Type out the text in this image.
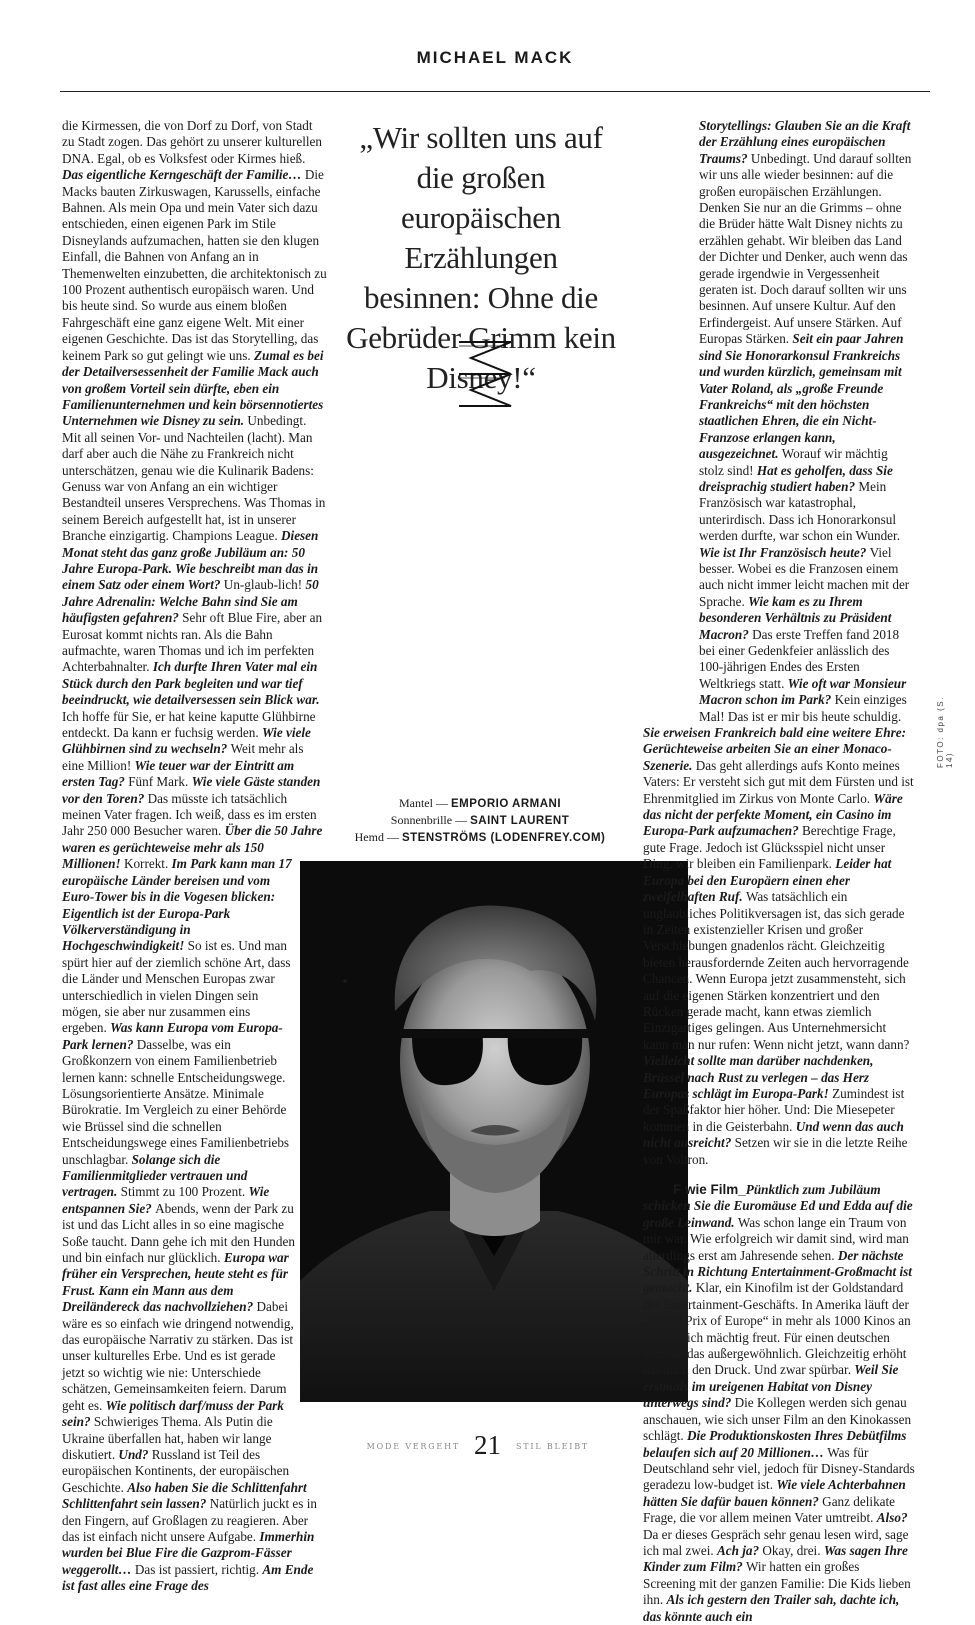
MICHAEL MACK

die Kirmessen, die von Dorf zu Dorf, von Stadt zu Stadt zogen. Das gehört zu unserer kulturellen DNA. Egal, ob es Volksfest oder Kirmes hieß. Das eigentliche Kerngeschäft der Familie… Die Macks bauten Zirkuswagen, Karussells, einfache Bahnen. Als mein Opa und mein Vater sich dazu entschieden, einen eigenen Park im Stile Disneylands aufzumachen, hatten sie den klugen Einfall, die Bahnen von Anfang an in Themenwelten einzubetten, die architektonisch zu 100 Prozent authentisch europäisch waren. Und bis heute sind. So wurde aus einem bloßen Fahrgeschäft eine ganz eigene Welt. Mit einer eigenen Geschichte. Das ist das Storytelling, das keinem Park so gut gelingt wie uns. Zumal es bei der Detailversessenheit der Familie Mack auch von großem Vorteil sein dürfte, eben ein Familienunternehmen und kein börsennotiertes Unternehmen wie Disney zu sein. Unbedingt. Mit all seinen Vor- und Nachteilen (lacht). Man darf aber auch die Nähe zu Frankreich nicht unterschätzen, genau wie die Kulinarik Badens: Genuss war von Anfang an ein wichtiger Bestandteil unseres Versprechens. Was Thomas in seinem Bereich aufgestellt hat, ist in unserer Branche einzigartig. Champions League. Diesen Monat steht das ganz große Jubiläum an: 50 Jahre Europa-Park. Wie beschreibt man das in einem Satz oder einem Wort? Un-glaub-lich! 50 Jahre Adrenalin: Welche Bahn sind Sie am häufigsten gefahren? Sehr oft Blue Fire, aber an Eurosat kommt nichts ran. Als die Bahn aufmachte, waren Thomas und ich im perfekten Achterbahnalter. Ich durfte Ihren Vater mal ein Stück durch den Park begleiten und war tief beeindruckt, wie detailversessen sein Blick war. Ich hoffe für Sie, er hat keine kaputte Glühbirne entdeckt. Da kann er fuchsig werden. Wie viele Glühbirnen sind zu wechseln? Weit mehr als eine Million! Wie teuer war der Eintritt am ersten Tag? Fünf Mark. Wie viele Gäste standen vor den Toren? Das müsste ich tatsächlich meinen Vater fragen. Ich weiß, dass es im ersten Jahr 250 000 Besucher waren. Über die 50 Jahre waren es gerüchteweise mehr als 150 Millionen! Korrekt. Im Park kann man 17 europäische Länder bereisen und vom Euro-Tower bis in die Vogesen blicken: Eigentlich ist der Europa-Park Völkerverständigung in Hochgeschwindigkeit! So ist es. Und man spürt hier auf der ziemlich schöne Art, dass die Länder und Menschen Europas zwar unterschiedlich in vielen Dingen sein mögen, sie aber nur zusammen eins ergeben. Was kann Europa vom Europa-Park lernen? Dasselbe, was ein Großkonzern von einem Familienbetrieb lernen kann: schnelle Entscheidungswege. Lösungsorientierte Ansätze. Minimale Bürokratie. Im Vergleich zu einer Behörde wie Brüssel sind die schnellen Entscheidungswege eines Familienbetriebs unschlagbar. Solange sich die Familienmitglieder vertrauen und vertragen. Stimmt zu 100 Prozent. Wie entspannen Sie? Abends, wenn der Park zu ist und das Licht alles in so eine magische Soße taucht. Dann gehe ich mit den Hunden und bin einfach nur glücklich. Europa war früher ein Versprechen, heute steht es für Frust. Kann ein Mann aus dem Dreiländereck das nachvollziehen? Dabei wäre es so einfach wie dringend notwendig, das europäische Narrativ zu stärken. Das ist unser kulturelles Erbe. Und es ist gerade jetzt so wichtig wie nie: Unterschiede schätzen, Gemeinsamkeiten feiern. Darum geht es. Wie politisch darf/muss der Park sein? Schwieriges Thema. Als Putin die Ukraine überfallen hat, haben wir lange diskutiert. Und? Russland ist Teil des europäischen Kontinents, der europäischen Geschichte. Also haben Sie die Schlittenfahrt Schlittenfahrt sein lassen? Natürlich juckt es in den Fingern, auf Großlagen zu reagieren. Aber das ist einfach nicht unsere Aufgabe. Immerhin wurden bei Blue Fire die Gazprom-Fässer weggerollt… Das ist passiert, richtig. Am Ende ist fast alles eine Frage des

„Wir sollten uns auf die großen europäischen Erzählungen besinnen: Ohne die Gebrüder Grimm kein Disney!“
Mantel — EMPORIO ARMANI
Sonnenbrille — SAINT LAURENT
Hemd — STENSTRÖMS (LODENFREY.COM)

Storytellings: Glauben Sie an die Kraft der Erzählung eines europäischen Traums? Unbedingt. Und darauf sollten wir uns alle wieder besinnen: auf die großen europäischen Erzählungen. Denken Sie nur an die Grimms – ohne die Brüder hätte Walt Disney nichts zu erzählen gehabt. Wir bleiben das Land der Dichter und Denker, auch wenn das gerade irgendwie in Vergessenheit geraten ist. Doch darauf sollten wir uns besinnen. Auf unsere Kultur. Auf den Erfindergeist. Auf unsere Stärken. Auf Europas Stärken. Seit ein paar Jahren sind Sie Honorarkonsul Frankreichs und wurden kürzlich, gemeinsam mit Vater Roland, als „große Freunde Frankreichs“ mit den höchsten staatlichen Ehren, die ein Nicht-Franzose erlangen kann, ausgezeichnet. Worauf wir mächtig stolz sind! Hat es geholfen, dass Sie dreisprachig studiert haben? Mein Französisch war katastrophal, unterirdisch. Dass ich Honorarkonsul werden durfte, war schon ein Wunder. Wie ist Ihr Französisch heute? Viel besser. Wobei es die Franzosen einem auch nicht immer leicht machen mit der Sprache. Wie kam es zu Ihrem besonderen Verhältnis zu Präsident Macron? Das erste Treffen fand 2018 bei einer Gedenkfeier anlässlich des 100-jährigen Endes des Ersten Weltkriegs statt. Wie oft war Monsieur Macron schon im Park? Kein einziges Mal! Das ist er mir bis heute schuldig. Sie erweisen Frankreich bald eine weitere Ehre: Gerüchteweise arbeiten Sie an einer Monaco-Szenerie. Das geht allerdings aufs Konto meines Vaters: Er versteht sich gut mit dem Fürsten und ist Ehrenmitglied im Zirkus von Monte Carlo. Wäre das nicht der perfekte Moment, ein Casino im Europa-Park aufzumachen? Berechtige Frage, gute Frage. Jedoch ist Glücksspiel nicht unser Ding, wir bleiben ein Familienpark. Leider hat Europa bei den Europäern einen eher zweifelhaften Ruf. Was tatsächlich ein unglaubliches Politikversagen ist, das sich gerade in Zeiten existenzieller Krisen und großer Verschiebungen gnadenlos rächt. Gleichzeitig bieten herausfordernde Zeiten auch hervorragende Chancen. Wenn Europa jetzt zusammensteht, sich auf die eigenen Stärken konzentriert und den Rücken gerade macht, kann etwas ziemlich Einzigartiges gelingen. Aus Unternehmersicht kann man nur rufen: Wenn nicht jetzt, wann dann? Vielleicht sollte man darüber nachdenken, Brüssel nach Rust zu verlegen – das Herz Europas schlägt im Europa-Park! Zumindest ist der Spaßfaktor hier höher. Und: Die Miesepeter kommen in die Geisterbahn. Und wenn das auch nicht ausreicht? Setzen wir sie in die letzte Reihe von Voltron.

F wie Film_Pünktlich zum Jubiläum schicken Sie die Euromäuse Ed und Edda auf die große Leinwand. Was schon lange ein Traum von mir war. Wie erfolgreich wir damit sind, wird man allerdings erst am Jahresende sehen. Der nächste Schritt in Richtung Entertainment-Großmacht ist gemacht. Klar, ein Kinofilm ist der Goldstandard des Entertainment-Geschäfts. In Amerika läuft der „Grand Prix of Europe“ in mehr als 1000 Kinos an – was mich mächtig freut. Für einen deutschen Film ist das außergewöhnlich. Gleichzeitig erhöht das auch den Druck. Und zwar spürbar. Weil Sie erstmals im ureigenen Habitat von Disney unterwegs sind? Die Kollegen werden sich genau anschauen, wie sich unser Film an den Kinokassen schlägt. Die Produktionskosten Ihres Debütfilms belaufen sich auf 20 Millionen… Was für Deutschland sehr viel, jedoch für Disney-Standards geradezu low-budget ist. Wie viele Achterbahnen hätten Sie dafür bauen können? Ganz delikate Frage, die vor allem meinen Vater umtreibt. Also? Da er dieses Gespräch sehr genau lesen wird, sage ich mal zwei. Ach ja? Okay, drei. Was sagen Ihre Kinder zum Film? Wir hatten ein großes Screening mit der ganzen Familie: Die Kids lieben ihn. Als ich gestern den Trailer sah, dachte ich, das könnte auch ein

FOTO: dpa (S. 14)
MODE VERGEHT 21 STIL BLEIBT
